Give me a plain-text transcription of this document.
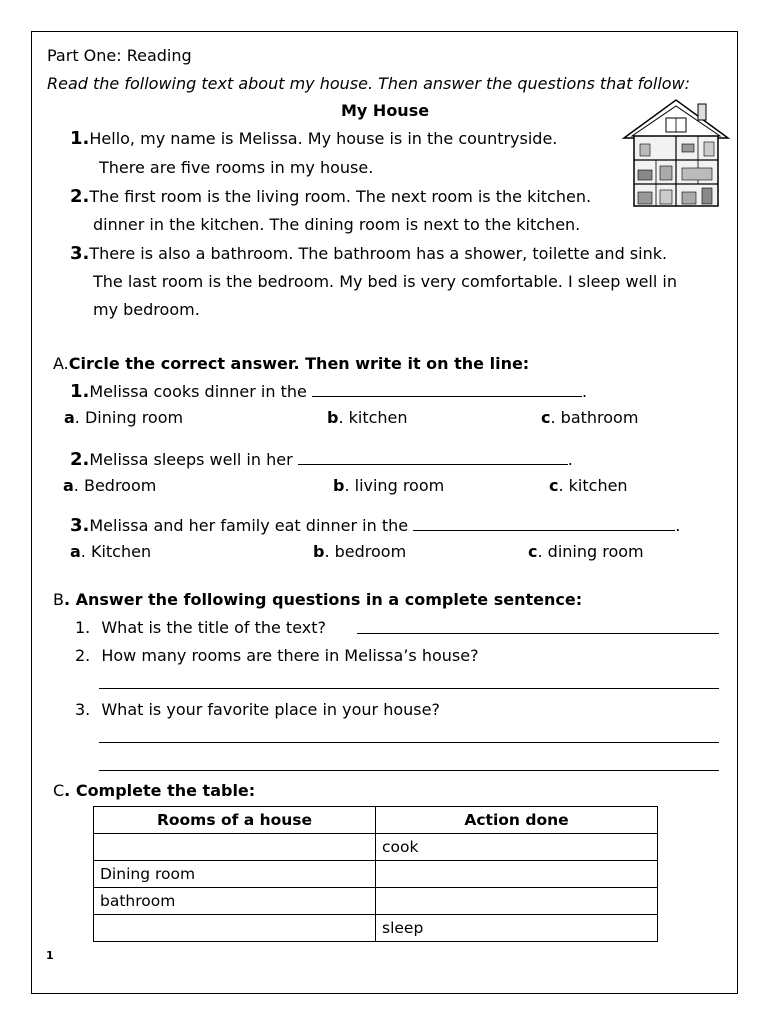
Part One: Reading
Read the following text about my house. Then answer the questions that follow:
My House
1.Hello, my name is Melissa. My house is in the countryside.
There are five rooms in my house.
2.The first room is the living room. The next room is the kitchen.
dinner in the kitchen. The dining room is next to the kitchen.
3.There is also a bathroom. The bathroom has a shower, toilette and sink.
The last room is the bedroom. My bed is very comfortable. I sleep well in
my bedroom.
A.Circle the correct answer. Then write it on the line:
1.Melissa cooks dinner in the	.
a. Dining room	b. kitchen	c. bathroom
2.Melissa sleeps well in her	.
a. Bedroom	b. living room	c. kitchen
3.Melissa and her family eat dinner in the	.
a. Kitchen	b. bedroom	c. dining room
B. Answer the following questions in a complete sentence:
1. What is the title of the text?
2. How many rooms are there in Melissa’s house?
3. What is your favorite place in your house?
C. Complete the table:
Rooms of a house	Action done
	cook
Dining room	
bathroom	
	sleep
1
